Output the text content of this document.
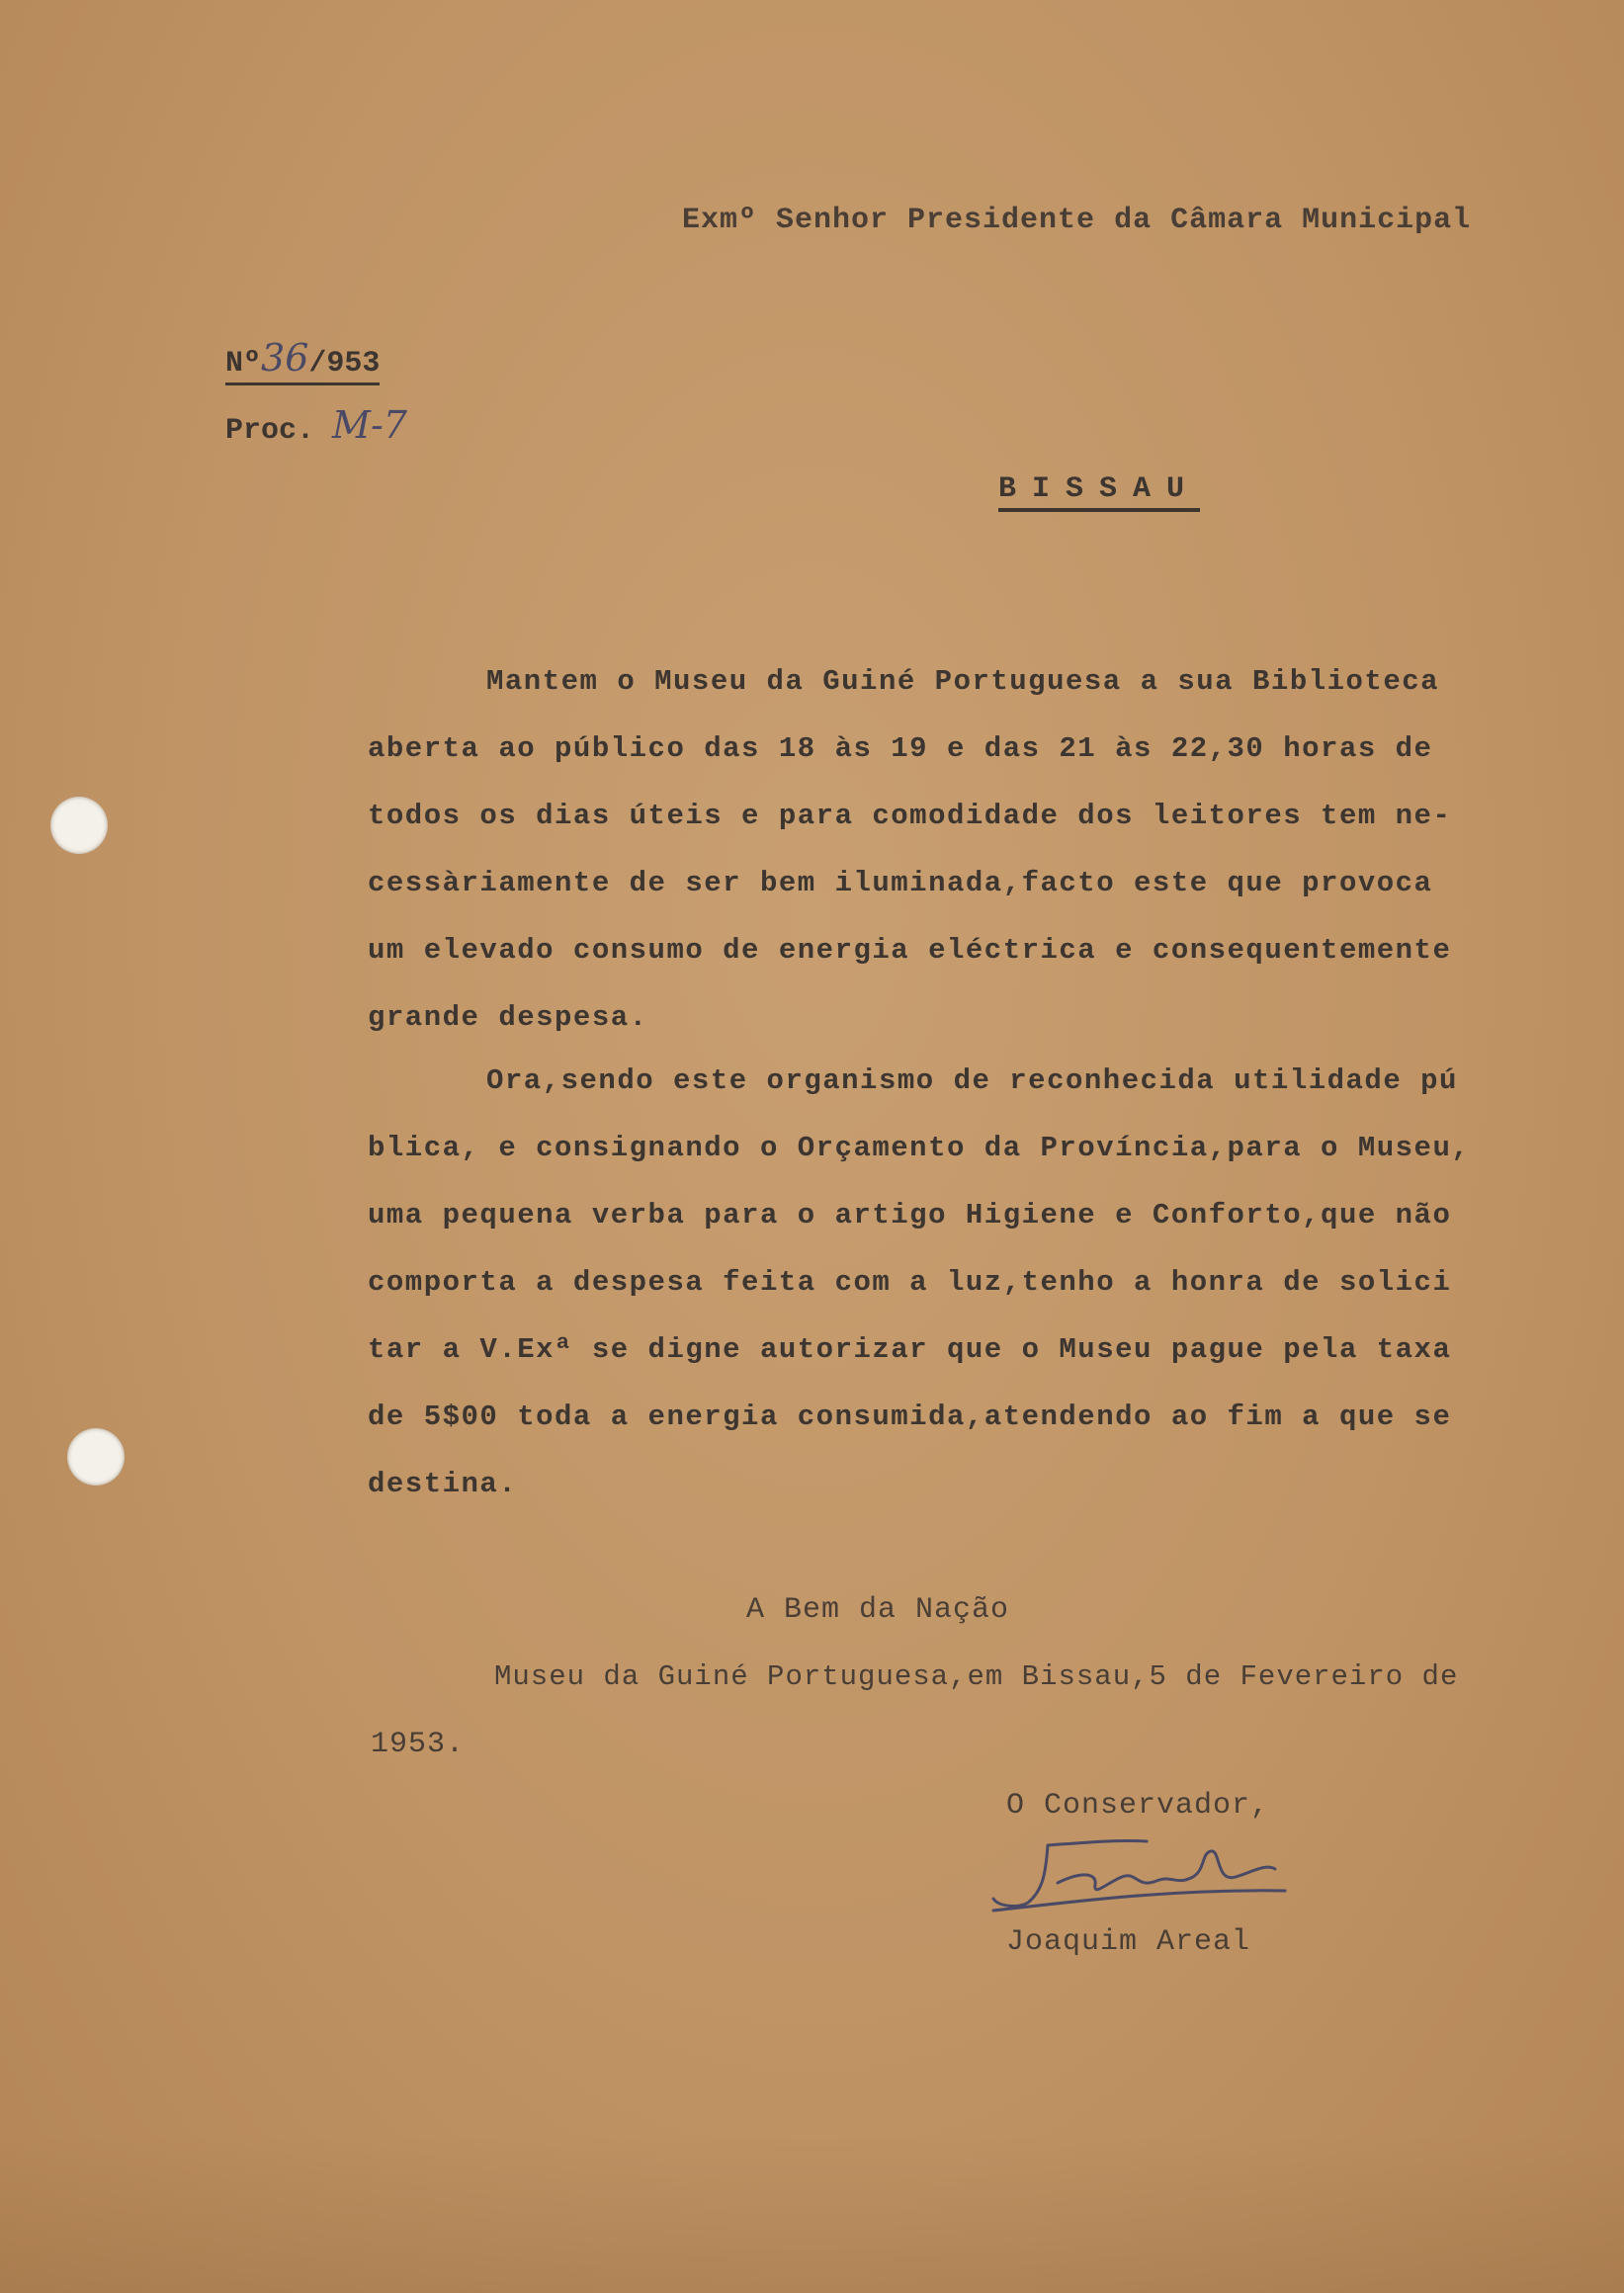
Exmº Senhor Presidente da Câmara Municipal
Nº36/953
Proc. M-7
BISSAU
Mantem o Museu da Guiné Portuguesa a sua Biblioteca
aberta ao público das 18 às 19 e das 21 às 22,30 horas de
todos os dias úteis e para comodidade dos leitores tem ne-
cessàriamente de ser bem iluminada,facto este que provoca
um elevado consumo de energia eléctrica e consequentemente
grande despesa.
Ora,sendo este organismo de reconhecida utilidade pú
blica, e consignando o Orçamento da Província,para o Museu,
uma pequena verba para o artigo Higiene e Conforto,que não
comporta a despesa feita com a luz,tenho a honra de solici
tar a V.Exª se digne autorizar que o Museu pague pela taxa
de 5$00 toda a energia consumida,atendendo ao fim a que se
destina.
A Bem da Nação
Museu da Guiné Portuguesa,em Bissau,5 de Fevereiro de
1953.
O Conservador,
Joaquim Areal
